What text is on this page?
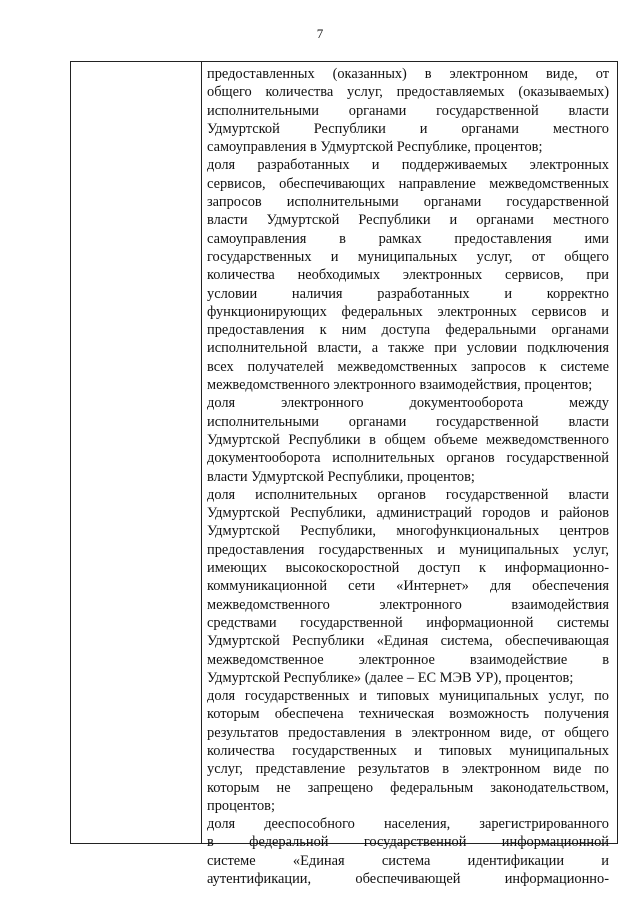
7
предоставленных (оказанных) в электронном виде, от
общего количества услуг, предоставляемых (оказываемых)
исполнительными органами государственной власти
Удмуртской Республики и органами местного
самоуправления в Удмуртской Республике, процентов;
доля разработанных и поддерживаемых электронных
сервисов, обеспечивающих направление межведомственных
запросов исполнительными органами государственной
власти Удмуртской Республики и органами местного
самоуправления в рамках предоставления ими
государственных и муниципальных услуг, от общего
количества необходимых электронных сервисов, при
условии наличия разработанных и корректно
функционирующих федеральных электронных сервисов и
предоставления к ним доступа федеральными органами
исполнительной власти, а также при условии подключения
всех получателей межведомственных запросов к системе
межведомственного электронного взаимодействия, процентов;
доля электронного документооборота между
исполнительными органами государственной власти
Удмуртской Республики в общем объеме межведомственного
документооборота исполнительных органов государственной
власти Удмуртской Республики, процентов;
доля исполнительных органов государственной власти
Удмуртской Республики, администраций городов и районов
Удмуртской Республики, многофункциональных центров
предоставления государственных и муниципальных услуг,
имеющих высокоскоростной доступ к информационно-
коммуникационной сети «Интернет» для обеспечения
межведомственного электронного взаимодействия
средствами государственной информационной системы
Удмуртской Республики «Единая система, обеспечивающая
межведомственное электронное взаимодействие в
Удмуртской Республике» (далее – ЕС МЭВ УР), процентов;
доля государственных и типовых муниципальных услуг, по
которым обеспечена техническая возможность получения
результатов предоставления в электронном виде, от общего
количества государственных и типовых муниципальных
услуг, представление результатов в электронном виде по
которым не запрещено федеральным законодательством,
процентов;
доля дееспособного населения, зарегистрированного
в федеральной государственной информационной
системе «Единая система идентификации и
аутентификации, обеспечивающей информационно-
